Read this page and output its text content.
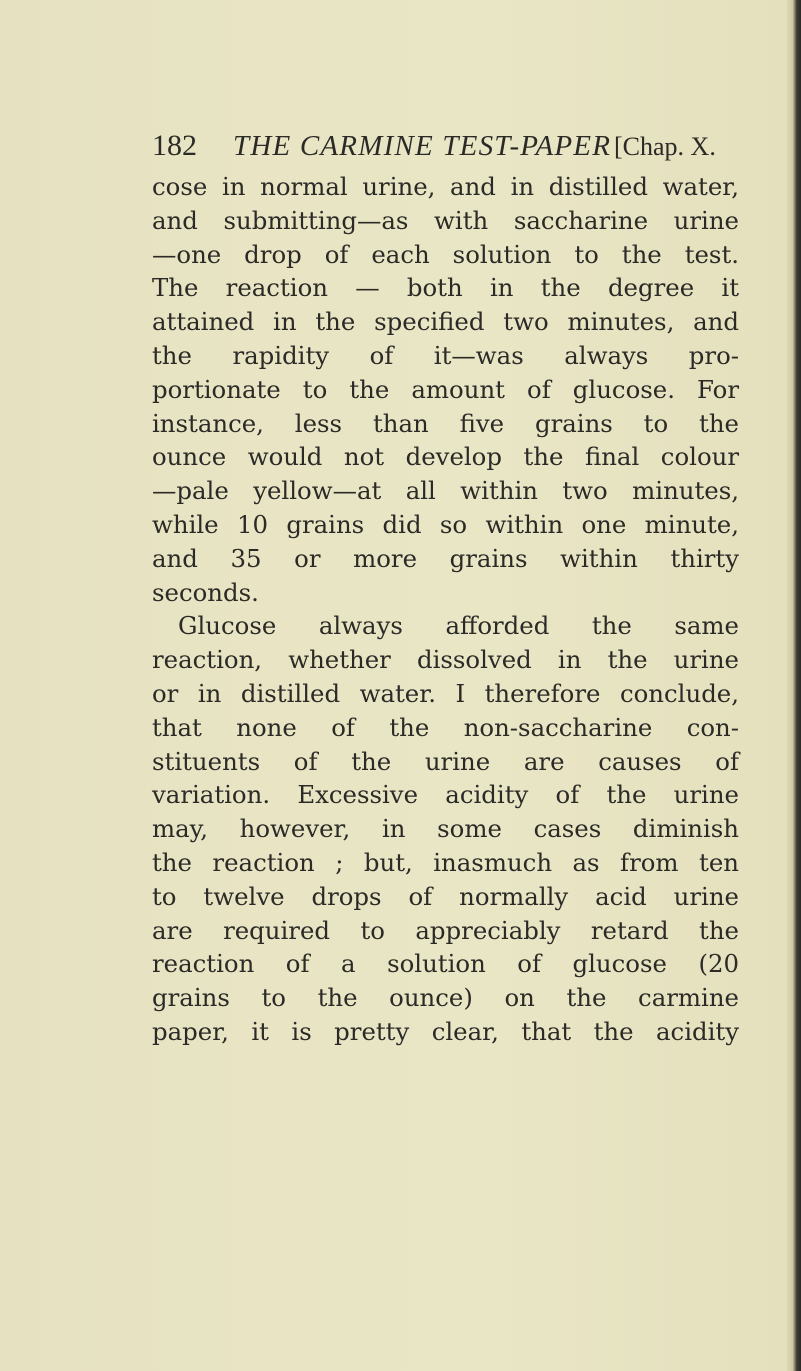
182 THE CARMINE TEST-PAPER [Chap. X.
cose in normal urine, and in distilled water,
and submitting—as with saccharine urine
—one drop of each solution to the test.
The reaction — both in the degree it
attained in the specified two minutes, and
the rapidity of it—was always pro-
portionate to the amount of glucose. For
instance, less than five grains to the
ounce would not develop the final colour
—pale yellow—at all within two minutes,
while 10 grains did so within one minute,
and 35 or more grains within thirty
seconds.
Glucose always afforded the same
reaction, whether dissolved in the urine
or in distilled water. I therefore conclude,
that none of the non-saccharine con-
stituents of the urine are causes of
variation. Excessive acidity of the urine
may, however, in some cases diminish
the reaction ; but, inasmuch as from ten
to twelve drops of normally acid urine
are required to appreciably retard the
reaction of a solution of glucose (20
grains to the ounce) on the carmine
paper, it is pretty clear, that the acidity
